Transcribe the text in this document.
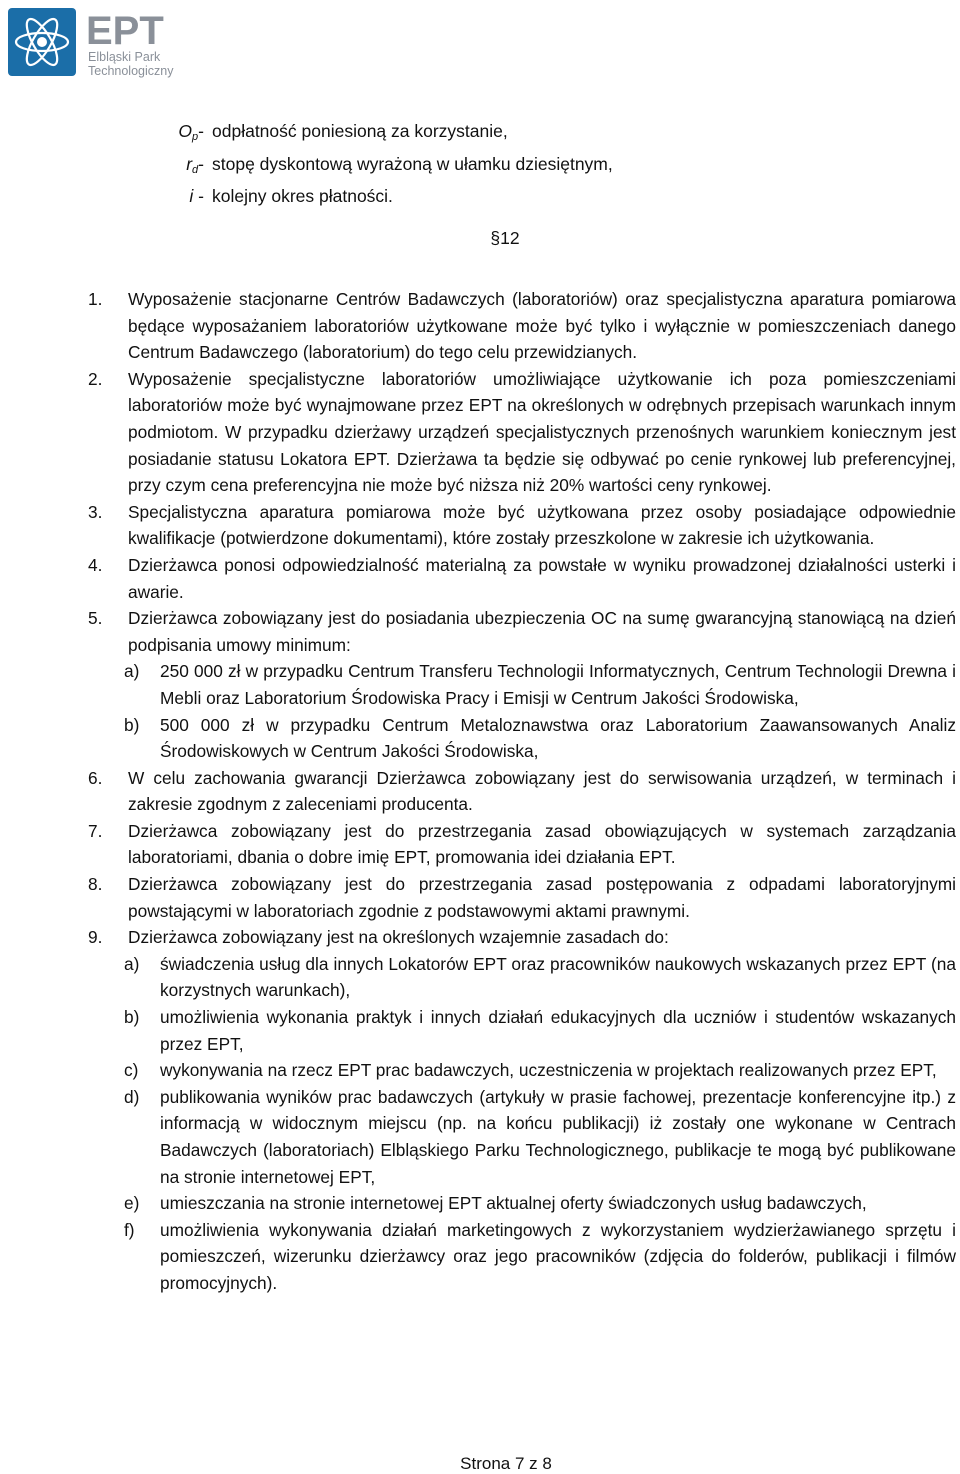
EPT
Elbląski Park
Technologiczny
$O_p-$ odpłatność poniesioną za korzystanie,
$r_d-$ stopę dyskontową wyrażoną w ułamku dziesiętnym,
i - kolejny okres płatności.
§12
1.	Wyposażenie stacjonarne Centrów Badawczych (laboratoriów) oraz specjalistyczna aparatura pomiarowa będące wyposażaniem laboratoriów użytkowane może być tylko i wyłącznie w pomieszczeniach danego Centrum Badawczego (laboratorium) do tego celu przewidzianych.
2.	Wyposażenie specjalistyczne laboratoriów umożliwiające użytkowanie ich poza pomieszczeniami laboratoriów może być wynajmowane przez EPT na określonych w odrębnych przepisach warunkach innym podmiotom. W przypadku dzierżawy urządzeń specjalistycznych przenośnych warunkiem koniecznym jest posiadanie statusu Lokatora EPT. Dzierżawa ta będzie się odbywać po cenie rynkowej lub preferencyjnej, przy czym cena preferencyjna nie może być niższa niż 20% wartości ceny rynkowej.
3.	Specjalistyczna aparatura pomiarowa może być użytkowana przez osoby posiadające odpowiednie kwalifikacje (potwierdzone dokumentami), które zostały przeszkolone w zakresie ich użytkowania.
4.	Dzierżawca ponosi odpowiedzialność materialną za powstałe w wyniku prowadzonej działalności usterki i awarie.
5.	Dzierżawca zobowiązany jest do posiadania ubezpieczenia OC na sumę gwarancyjną stanowiącą na dzień podpisania umowy minimum:
a)	250 000 zł w przypadku Centrum Transferu Technologii Informatycznych, Centrum Technologii Drewna i Mebli oraz Laboratorium Środowiska Pracy i Emisji w Centrum Jakości Środowiska,
b)	500 000 zł w przypadku Centrum Metaloznawstwa oraz Laboratorium Zaawansowanych Analiz Środowiskowych w Centrum Jakości Środowiska,
6.	W celu zachowania gwarancji Dzierżawca zobowiązany jest do serwisowania urządzeń, w terminach i zakresie zgodnym z zaleceniami producenta.
7.	Dzierżawca zobowiązany jest do przestrzegania zasad obowiązujących w systemach zarządzania laboratoriami, dbania o dobre imię EPT, promowania idei działania EPT.
8.	Dzierżawca zobowiązany jest do przestrzegania zasad postępowania z odpadami laboratoryjnymi powstającymi w laboratoriach zgodnie z podstawowymi aktami prawnymi.
9.	Dzierżawca zobowiązany jest na określonych wzajemnie zasadach do:
a)	świadczenia usług dla innych Lokatorów EPT oraz pracowników naukowych wskazanych przez EPT (na korzystnych warunkach),
b)	umożliwienia wykonania praktyk i innych działań edukacyjnych dla uczniów i studentów wskazanych przez EPT,
c)	wykonywania na rzecz EPT prac badawczych, uczestniczenia w projektach realizowanych przez EPT,
d)	publikowania wyników prac badawczych (artykuły w prasie fachowej, prezentacje konferencyjne itp.) z informacją w widocznym miejscu (np. na końcu publikacji) iż zostały one wykonane w Centrach Badawczych (laboratoriach) Elbląskiego Parku Technologicznego, publikacje te mogą być publikowane na stronie internetowej EPT,
e)	umieszczania na stronie internetowej EPT aktualnej oferty świadczonych usług badawczych,
f)	umożliwienia wykonywania działań marketingowych z wykorzystaniem wydzierżawianego sprzętu i pomieszczeń, wizerunku dzierżawcy oraz jego pracowników (zdjęcia do folderów, publikacji i filmów promocyjnych).
Strona 7 z 8
